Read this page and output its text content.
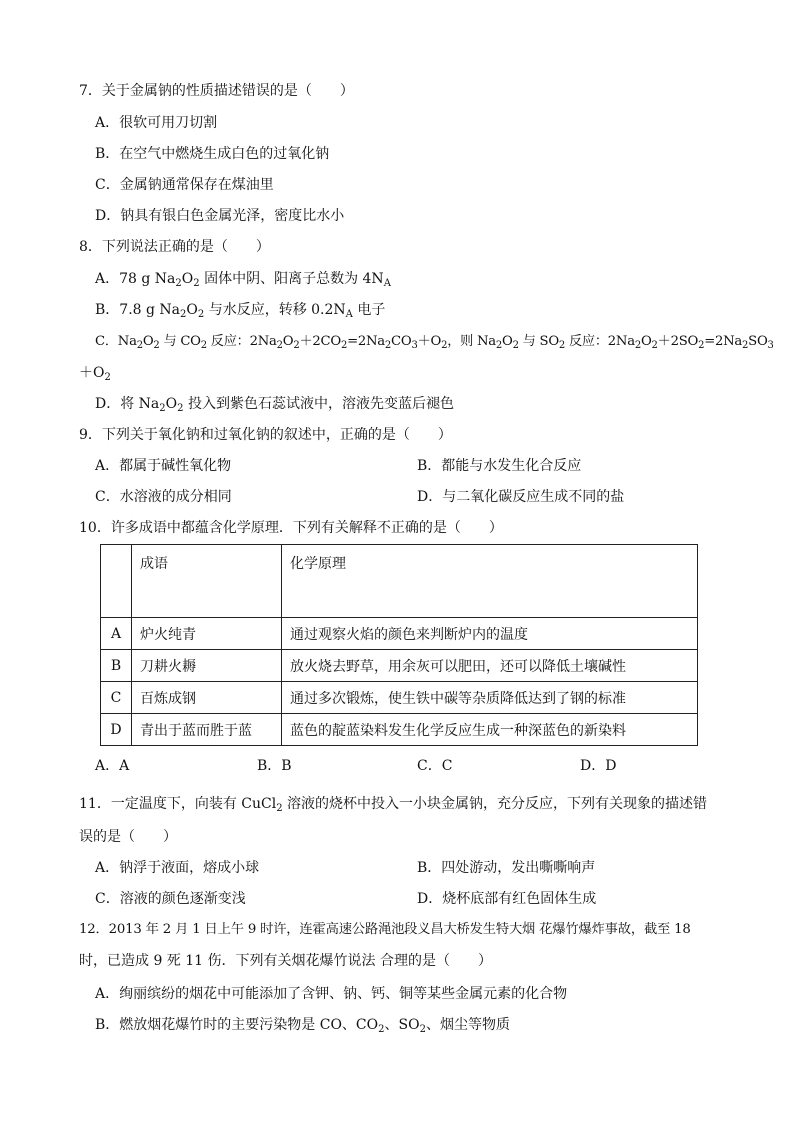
7．关于金属钠的性质描述错误的是（　　）
A．很软可用刀切割
B．在空气中燃烧生成白色的过氧化钠
C．金属钠通常保存在煤油里
D．钠具有银白色金属光泽，密度比水小
8．下列说法正确的是（　　）
A．78 g $Na_2O_2$ 固体中阴、阳离子总数为 $4N_A$
B．7.8 g $Na_2O_2$ 与水反应，转移 $0.2N_A$ 电子
C．$Na_2O_2$ 与 $CO_2$ 反应：$2Na_2O_2+2CO_2=2Na_2CO_3+O_2$，则 $Na_2O_2$ 与 $SO_2$ 反应：$2Na_2O_2+2SO_2=2Na_2SO_3$
$+O_2$
D．将 $Na_2O_2$ 投入到紫色石蕊试液中，溶液先变蓝后褪色
9．下列关于氧化钠和过氧化钠的叙述中，正确的是（　　）
A．都属于碱性氧化物	B．都能与水发生化合反应
C．水溶液的成分相同	D．与二氧化碳反应生成不同的盐
10．许多成语中都蕴含化学原理．下列有关解释不正确的是（　　）
	成语	化学原理
A	炉火纯青	通过观察火焰的颜色来判断炉内的温度
B	刀耕火耨	放火烧去野草，用余灰可以肥田，还可以降低土壤碱性
C	百炼成钢	通过多次锻炼，使生铁中碳等杂质降低达到了钢的标准
D	青出于蓝而胜于蓝	蓝色的靛蓝染料发生化学反应生成一种深蓝色的新染料
A．A	B．B	C．C	D．D
11．一定温度下，向装有 CuCl$_2$ 溶液的烧杯中投入一小块金属钠，充分反应，下列有关现象的描述错
误的是（　　）
A．钠浮于液面，熔成小球	B．四处游动，发出嘶嘶响声
C．溶液的颜色逐渐变浅	D．烧杯底部有红色固体生成
12．2013 年 2 月 1 日上午 9 时许，连霍高速公路渑池段义昌大桥发生特大烟 花爆竹爆炸事故，截至 18
时，已造成 9 死 11 伤．下列有关烟花爆竹说法 合理的是（　　）
A．绚丽缤纷的烟花中可能添加了含钾、钠、钙、铜等某些金属元素的化合物
B．燃放烟花爆竹时的主要污染物是 CO、$CO_2$、$SO_2$、烟尘等物质
